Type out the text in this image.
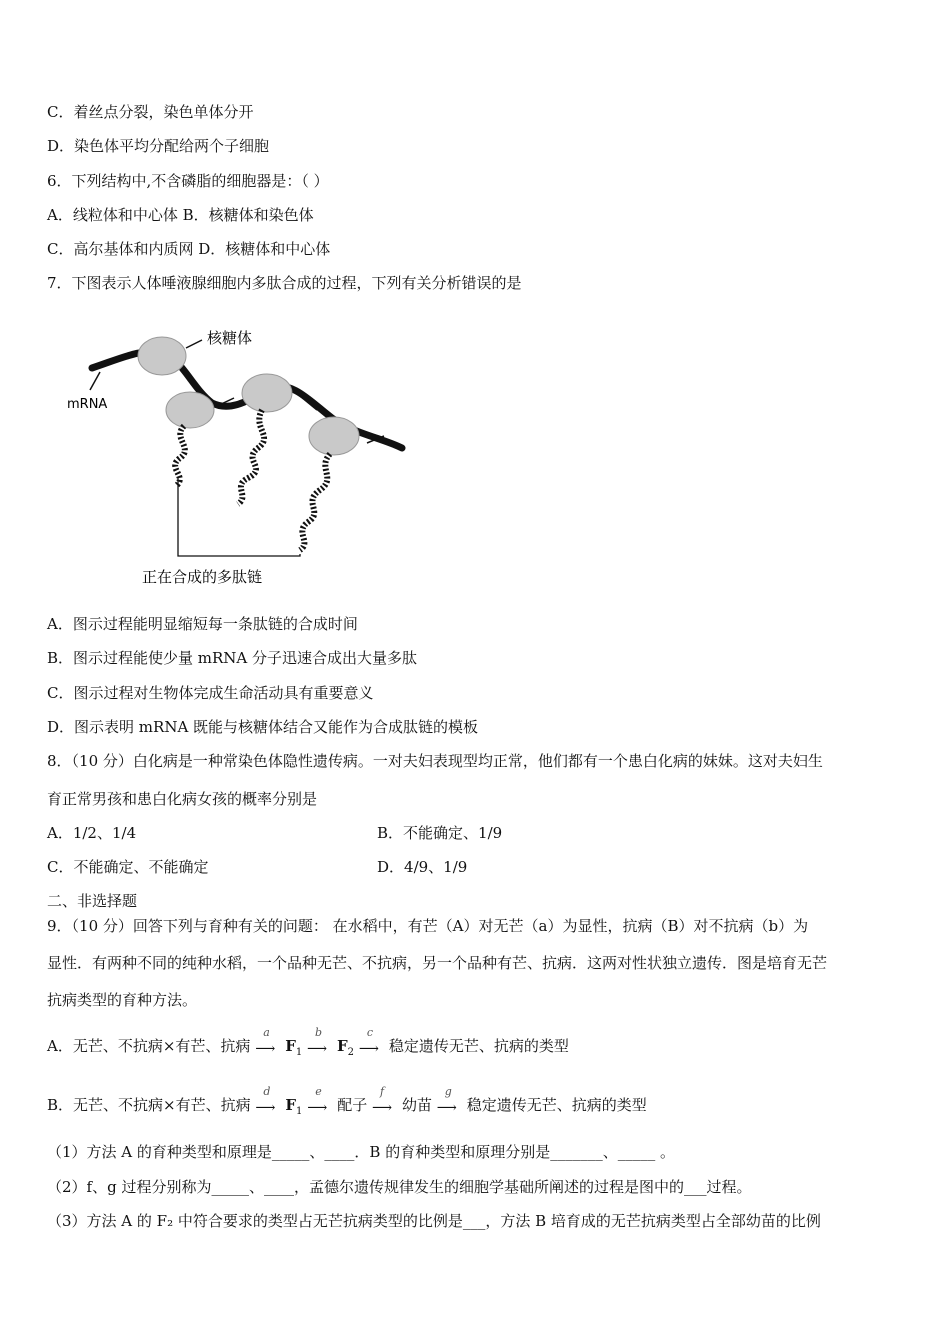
C．着丝点分裂，染色单体分开
D．染色体平均分配给两个子细胞
6．下列结构中,不含磷脂的细胞器是：（ ）
A．线粒体和中心体 B．核糖体和染色体
C．高尔基体和内质网 D．核糖体和中心体
7．下图表示人体唾液腺细胞内多肽合成的过程，下列有关分析错误的是
核糖体
mRNA
正在合成的多肽链
A．图示过程能明显缩短每一条肽链的合成时间
B．图示过程能使少量 mRNA 分子迅速合成出大量多肽
C．图示过程对生物体完成生命活动具有重要意义
D．图示表明 mRNA 既能与核糖体结合又能作为合成肽链的模板
8．（10 分）白化病是一种常染色体隐性遗传病。一对夫妇表现型均正常，他们都有一个患白化病的妹妹。这对夫妇生
育正常男孩和患白化病女孩的概率分别是
A．1/2、1/4	B．不能确定、1/9
C．不能确定、不能确定	D．4/9、1/9
二、非选择题
9．（10 分）回答下列与育种有关的问题： 在水稻中，有芒（A）对无芒（a）为显性，抗病（B）对不抗病（b）为
显性．有两种不同的纯种水稻，一个品种无芒、不抗病，另一个品种有芒、抗病．这两对性状独立遗传．图是培育无芒
抗病类型的育种方法。
A．无芒、不抗病×有芒、抗病
a
⟶ $F_1$
b
⟶ $F_2$
c
⟶ 稳定遗传无芒、抗病的类型
B．无芒、不抗病×有芒、抗病
d
⟶ $F_1$
e
⟶ 配子
f
⟶ 幼苗
g
⟶ 稳定遗传无芒、抗病的类型
（1）方法 A 的育种类型和原理是_____、____．B 的育种类型和原理分别是_______、_____ 。
（2）f、g 过程分别称为_____、____，孟德尔遗传规律发生的细胞学基础所阐述的过程是图中的___过程。
（3）方法 A 的 F₂ 中符合要求的类型占无芒抗病类型的比例是___，方法 B 培育成的无芒抗病类型占全部幼苗的比例
